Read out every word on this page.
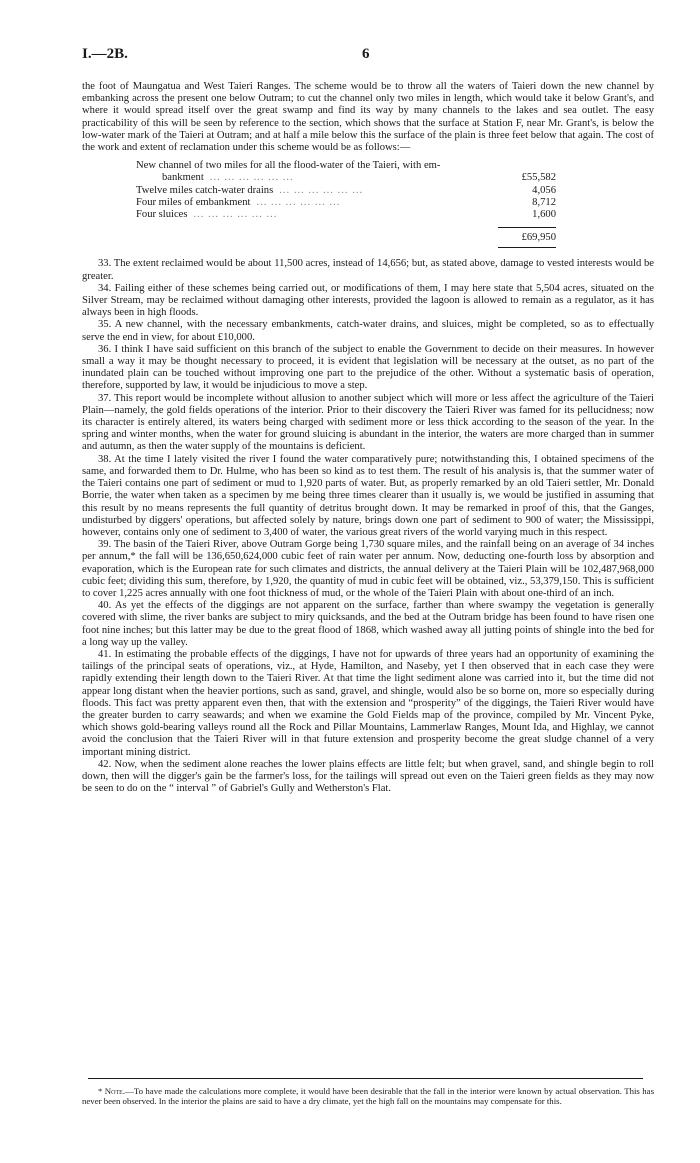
I.—2B.	6

the foot of Maungatua and West Taieri Ranges. The scheme would be to throw all the waters of Taieri down the new channel by embanking across the present one below Outram; to cut the channel only two miles in length, which would take it below Grant's, and where it would spread itself over the great swamp and find its way by many channels to the lakes and sea outlet. The easy practicability of this will be seen by reference to the section, which shows that the surface at Station F, near Mr. Grant's, is below the low-water mark of the Taieri at Outram; and at half a mile below this the surface of the plain is three feet below that again. The cost of the work and extent of reclamation under this scheme would be as follows:—

New channel of two miles for all the flood-water of the Taieri, with em-
bankment ... ... ... ... ... ...	£55,582
Twelve miles catch-water drains ... ... ... ... ... ...	4,056
Four miles of embankment ... ... ... ... ... ...	8,712
Four sluices ... ... ... ... ... ...	1,600
£69,950

33. The extent reclaimed would be about 11,500 acres, instead of 14,656; but, as stated above, damage to vested interests would be greater.

34. Failing either of these schemes being carried out, or modifications of them, I may here state that 5,504 acres, situated on the Silver Stream, may be reclaimed without damaging other interests, provided the lagoon is allowed to remain as a regulator, as it has always been in high floods.

35. A new channel, with the necessary embankments, catch-water drains, and sluices, might be completed, so as to effectually serve the end in view, for about £10,000.

36. I think I have said sufficient on this branch of the subject to enable the Government to decide on their measures. In however small a way it may be thought necessary to proceed, it is evident that legislation will be necessary at the outset, as no part of the inundated plain can be touched without improving one part to the prejudice of the other. Without a systematic basis of operation, therefore, supported by law, it would be injudicious to move a step.

37. This report would be incomplete without allusion to another subject which will more or less affect the agriculture of the Taieri Plain—namely, the gold fields operations of the interior. Prior to their discovery the Taieri River was famed for its pellucidness; now its character is entirely altered, its waters being charged with sediment more or less thick according to the season of the year. In the spring and winter months, when the water for ground sluicing is abundant in the interior, the waters are more charged than in summer and autumn, as then the water supply of the mountains is deficient.

38. At the time I lately visited the river I found the water comparatively pure; notwithstanding this, I obtained specimens of the same, and forwarded them to Dr. Hulme, who has been so kind as to test them. The result of his analysis is, that the summer water of the Taieri contains one part of sediment or mud to 1,920 parts of water. But, as properly remarked by an old Taieri settler, Mr. Donald Borrie, the water when taken as a specimen by me being three times clearer than it usually is, we would be justified in assuming that this result by no means represents the full quantity of detritus brought down. It may be remarked in proof of this, that the Ganges, undisturbed by diggers' operations, but affected solely by nature, brings down one part of sediment to 900 of water; the Mississippi, however, contains only one of sediment to 3,400 of water, the various great rivers of the world varying much in this respect.

39. The basin of the Taieri River, above Outram Gorge being 1,730 square miles, and the rainfall being on an average of 34 inches per annum,* the fall will be 136,650,624,000 cubic feet of rain water per annum. Now, deducting one-fourth loss by absorption and evaporation, which is the European rate for such climates and districts, the annual delivery at the Taieri Plain will be 102,487,968,000 cubic feet; dividing this sum, therefore, by 1,920, the quantity of mud in cubic feet will be obtained, viz., 53,379,150. This is sufficient to cover 1,225 acres annually with one foot thickness of mud, or the whole of the Taieri Plain with about one-third of an inch.

40. As yet the effects of the diggings are not apparent on the surface, farther than where swampy the vegetation is generally covered with slime, the river banks are subject to miry quicksands, and the bed at the Outram bridge has been found to have risen one foot nine inches; but this latter may be due to the great flood of 1868, which washed away all jutting points of shingle into the bed for a long way up the valley.

41. In estimating the probable effects of the diggings, I have not for upwards of three years had an opportunity of examining the tailings of the principal seats of operations, viz., at Hyde, Hamilton, and Naseby, yet I then observed that in each case they were rapidly extending their length down to the Taieri River. At that time the light sediment alone was carried into it, but the time did not appear long distant when the heavier portions, such as sand, gravel, and shingle, would also be so borne on, more so especially during floods. This fact was pretty apparent even then, that with the extension and “prosperity” of the diggings, the Taieri River would have the greater burden to carry seawards; and when we examine the Gold Fields map of the province, compiled by Mr. Vincent Pyke, which shows gold-bearing valleys round all the Rock and Pillar Mountains, Lammerlaw Ranges, Mount Ida, and Highlay, we cannot avoid the conclusion that the Taieri River will in that future extension and prosperity become the great sludge channel of a very important mining district.

42. Now, when the sediment alone reaches the lower plains effects are little felt; but when gravel, sand, and shingle begin to roll down, then will the digger's gain be the farmer's loss, for the tailings will spread out even on the Taieri green fields as they may now be seen to do on the “ interval ” of Gabriel's Gully and Wetherston's Flat.

* Note.—To have made the calculations more complete, it would have been desirable that the fall in the interior were known by actual observation. This has never been observed. In the interior the plains are said to have a dry climate, yet the high fall on the mountains may compensate for this.
